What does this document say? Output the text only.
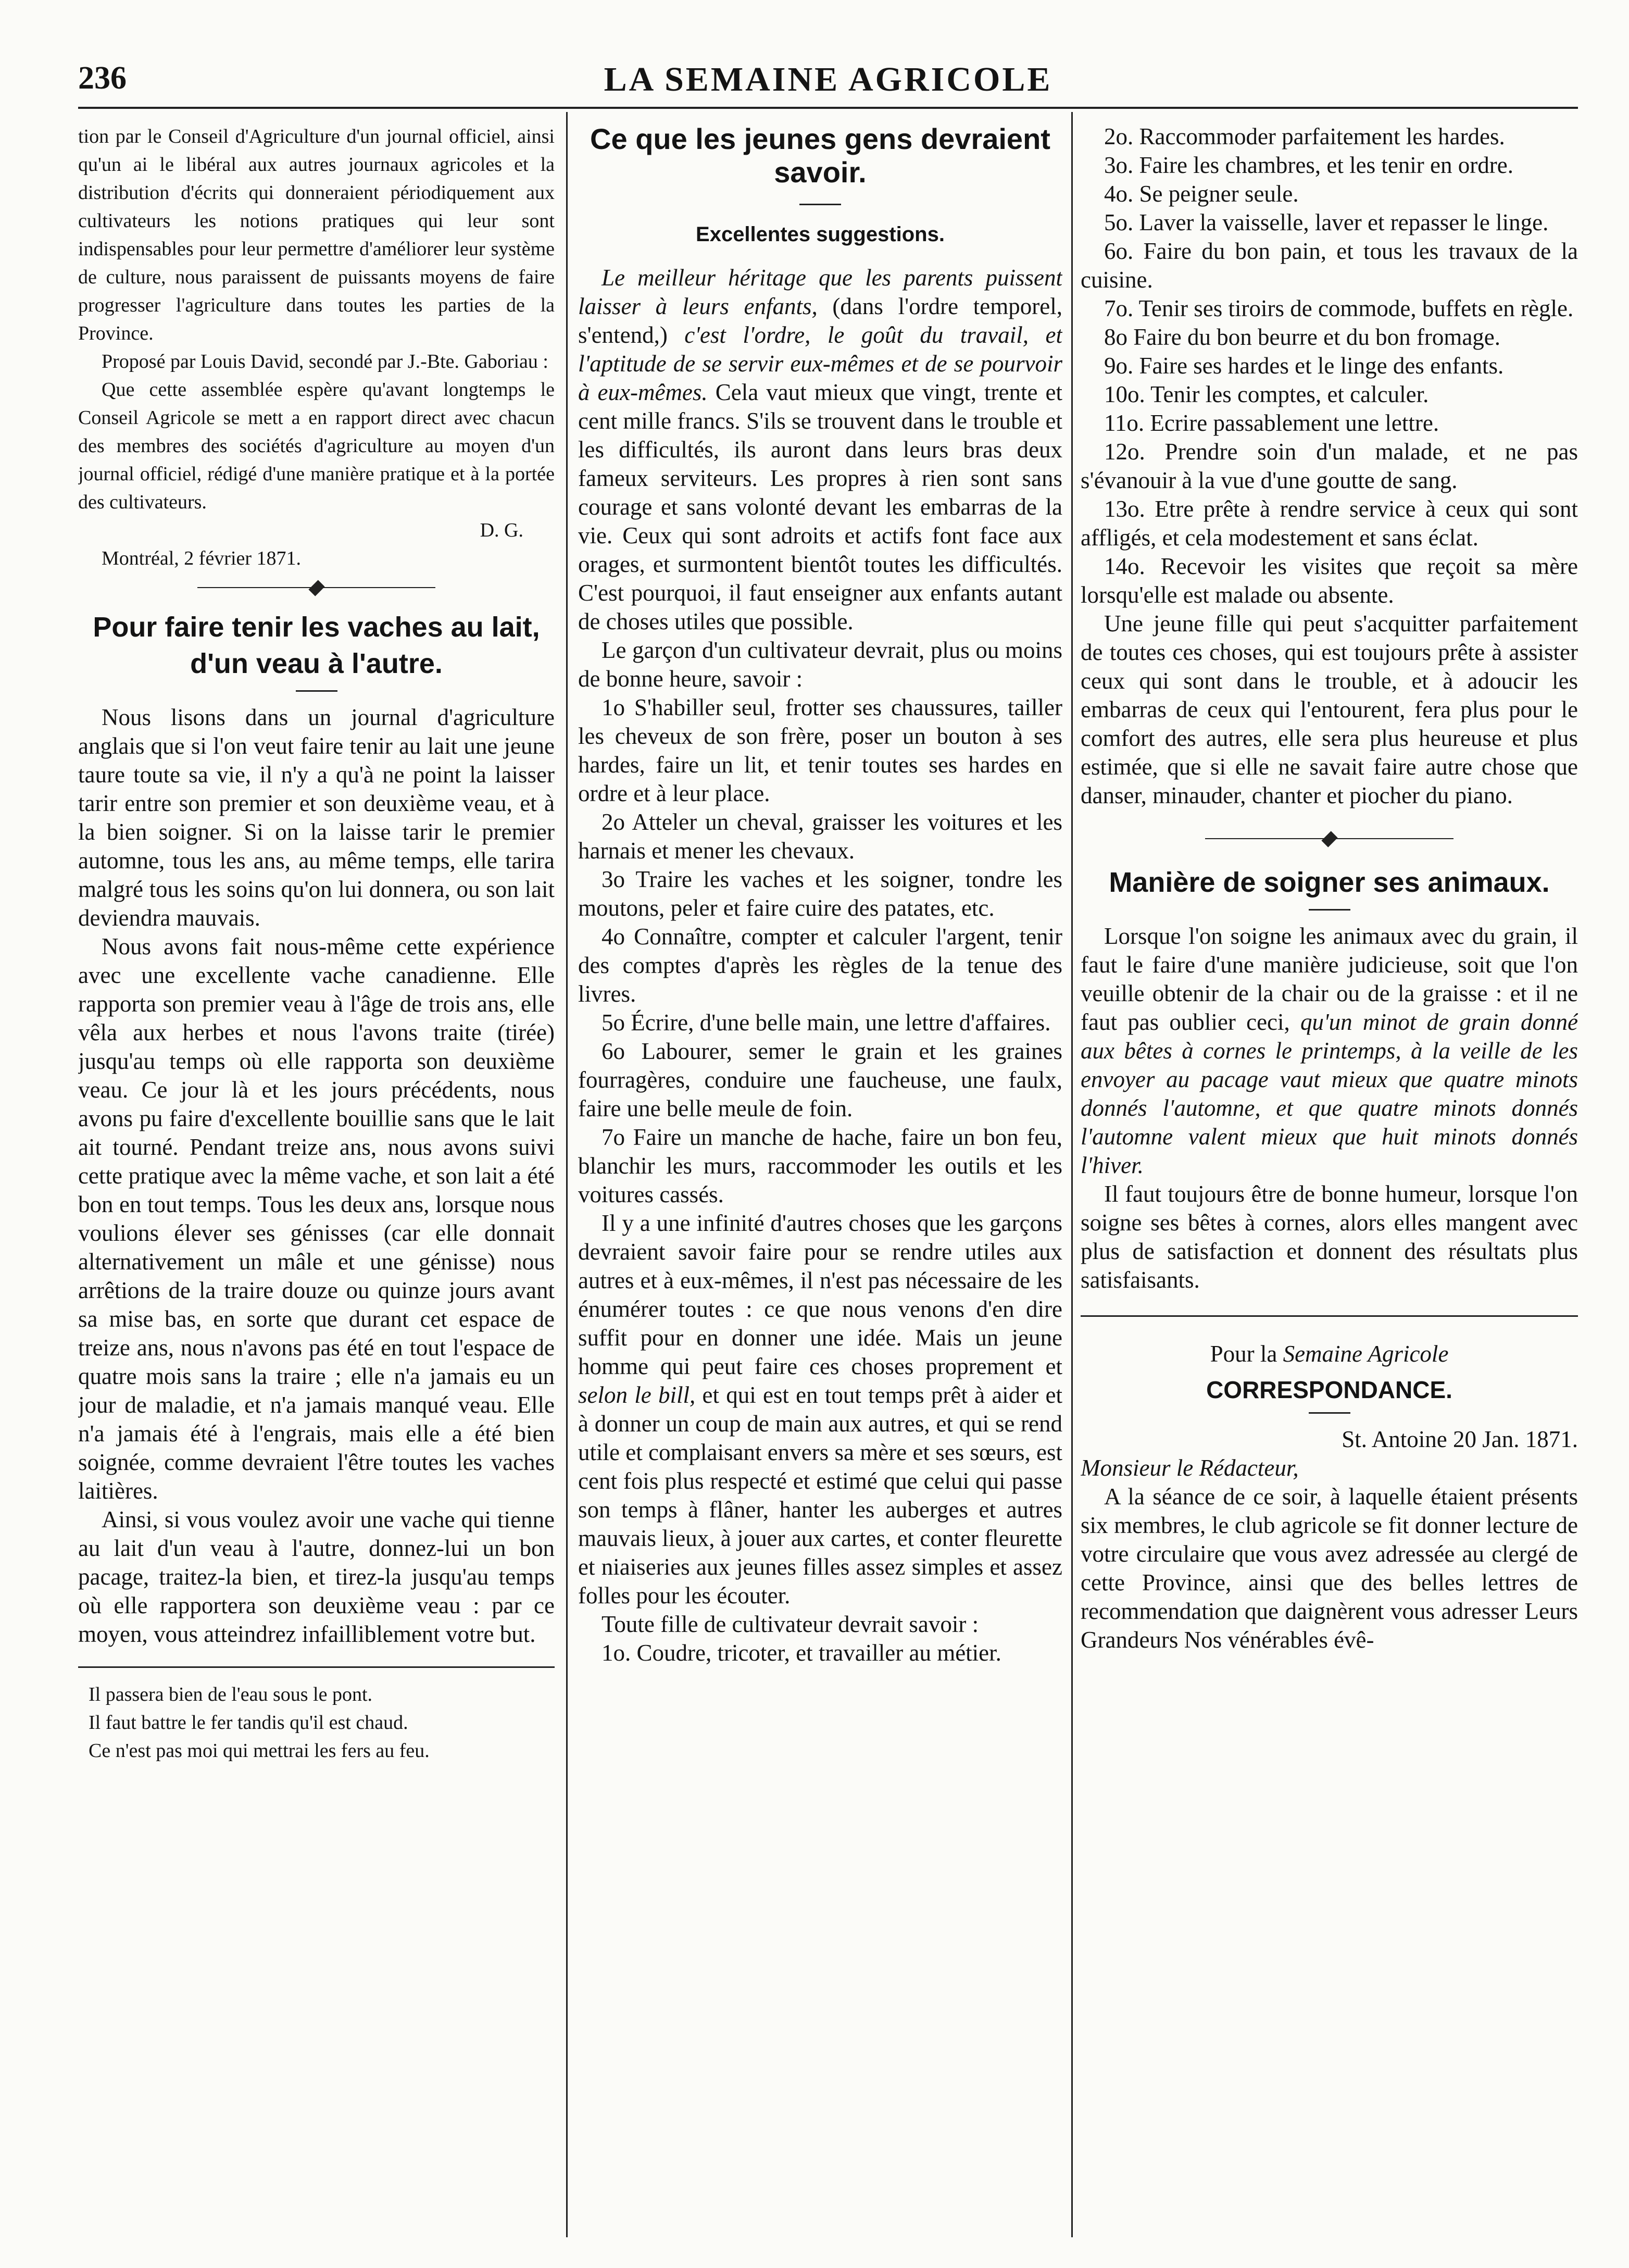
236	LA SEMAINE AGRICOLE

tion par le Conseil d'Agriculture d'un journal officiel, ainsi qu'un ai le libéral aux autres journaux agricoles et la distribution d'écrits qui donneraient périodiquement aux cultivateurs les notions pratiques qui leur sont indispensables pour leur permettre d'améliorer leur système de culture, nous paraissent de puissants moyens de faire progresser l'agriculture dans toutes les parties de la Province.

Proposé par Louis David, secondé par J.-Bte. Gaborіau :

Que cette assemblée espère qu'avant longtemps le Conseil Agricole se mett a en rapport direct avec chacun des membres des sociétés d'agriculture au moyen d'un journal officiel, rédigé d'une manière pratique et à la portée des cultivateurs.

D. G.

Montréal, 2 février 1871.

Pour faire tenir les vaches au lait, d'un veau à l'autre.

Nous lisons dans un journal d'agriculture anglais que si l'on veut faire tenir au lait une jeune taure toute sa vie, il n'y a qu'à ne point la laisser tarir entre son premier et son deuxième veau, et à la bien soigner. Si on la laisse tarir le premier automne, tous les ans, au même temps, elle tarira malgré tous les soins qu'on lui donnera, ou son lait deviendra mauvais.

Nous avons fait nous-même cette expérience avec une excellente vache canadienne. Elle rapporta son premier veau à l'âge de trois ans, elle vêla aux herbes et nous l'avons traite (tirée) jusqu'au temps où elle rapporta son deuxième veau. Ce jour là et les jours précédents, nous avons pu faire d'excellente bouillie sans que le lait ait tourné. Pendant treize ans, nous avons suivi cette pratique avec la même vache, et son lait a été bon en tout temps. Tous les deux ans, lorsque nous voulions élever ses génisses (car elle donnait alternativement un mâle et une génisse) nous arrêtions de la traire douze ou quinze jours avant sa mise bas, en sorte que durant cet espace de treize ans, nous n'avons pas été en tout l'espace de quatre mois sans la traire ; elle n'a jamais eu un jour de maladie, et n'a jamais manqué veau. Elle n'a jamais été à l'engrais, mais elle a été bien soignée, comme devraient l'être toutes les vaches laitières.

Ainsi, si vous voulez avoir une vache qui tienne au lait d'un veau à l'autre, donnez-lui un bon pacage, traitez-la bien, et tirez-la jusqu'au temps où elle rapportera son deuxième veau : par ce moyen, vous atteindrez infailliblement votre but.

Il passera bien de l'eau sous le pont.

Il faut battre le fer tandis qu'il est chaud.

Ce n'est pas moi qui mettrai les fers au feu.

Ce que les jeunes gens devraient savoir.
Excellentes suggestions.

Le meilleur héritage que les parents puissent laisser à leurs enfants, (dans l'ordre temporel, s'entend,) c'est l'ordre, le goût du travail, et l'aptitude de se servir eux-mêmes et de se pourvoir à eux-mêmes. Cela vaut mieux que vingt, trente et cent mille francs. S'ils se trouvent dans le trouble et les difficultés, ils auront dans leurs bras deux fameux serviteurs. Les propres à rien sont sans courage et sans volonté devant les embarras de la vie. Ceux qui sont adroits et actifs font face aux orages, et surmontent bientôt toutes les difficultés. C'est pourquoi, il faut enseigner aux enfants autant de choses utiles que possible.

Le garçon d'un cultivateur devrait, plus ou moins de bonne heure, savoir :

1o S'habiller seul, frotter ses chaussures, tailler les cheveux de son frère, poser un bouton à ses hardes, faire un lit, et tenir toutes ses hardes en ordre et à leur place.

2o Atteler un cheval, graisser les voitures et les harnais et mener les chevaux.

3o Traire les vaches et les soigner, tondre les moutons, peler et faire cuire des patates, etc.

4o Connaître, compter et calculer l'argent, tenir des comptes d'après les règles de la tenue des livres.

5o Écrire, d'une belle main, une lettre d'affaires.

6o Labourer, semer le grain et les graines fourragères, conduire une faucheuse, une faulx, faire une belle meule de foin.

7o Faire un manche de hache, faire un bon feu, blanchir les murs, raccommoder les outils et les voitures cassés.

Il y a une infinité d'autres choses que les garçons devraient savoir faire pour se rendre utiles aux autres et à eux-mêmes, il n'est pas nécessaire de les énumérer toutes : ce que nous venons d'en dire suffit pour en donner une idée. Mais un jeune homme qui peut faire ces choses proprement et selon le bill, et qui est en tout temps prêt à aider et à donner un coup de main aux autres, et qui se rend utile et complaisant envers sa mère et ses sœurs, est cent fois plus respecté et estimé que celui qui passe son temps à flâner, hanter les auberges et autres mauvais lieux, à jouer aux cartes, et conter fleurette et niaiseries aux jeunes filles assez simples et assez folles pour les écouter.

Toute fille de cultivateur devrait savoir :

1o. Coudre, tricoter, et travailler au métier.

2o. Raccommoder parfaitement les hardes.

3o. Faire les chambres, et les tenir en ordre.

4o. Se peigner seule.

5o. Laver la vaisselle, laver et repasser le linge.

6o. Faire du bon pain, et tous les travaux de la cuisine.

7o. Tenir ses tiroirs de commode, buffets en règle.

8o Faire du bon beurre et du bon fromage.

9o. Faire ses hardes et le linge des enfants.

10o. Tenir les comptes, et calculer.

11o. Ecrire passablement une lettre.

12o. Prendre soin d'un malade, et ne pas s'évanouir à la vue d'une goutte de sang.

13o. Etre prête à rendre service à ceux qui sont affligés, et cela modestement et sans éclat.

14o. Recevoir les visites que reçoit sa mère lorsqu'elle est malade ou absente.

Une jeune fille qui peut s'acquitter parfaitement de toutes ces choses, qui est toujours prête à assister ceux qui sont dans le trouble, et à adoucir les embarras de ceux qui l'entourent, fera plus pour le comfort des autres, elle sera plus heureuse et plus estimée, que si elle ne savait faire autre chose que danser, minauder, chanter et piocher du piano.

Manière de soigner ses animaux.

Lorsque l'on soigne les animaux avec du grain, il faut le faire d'une manière judicieuse, soit que l'on veuille obtenir de la chair ou de la graisse : et il ne faut pas oublier ceci, qu'un minot de grain donné aux bêtes à cornes le printemps, à la veille de les envoyer au pacage vaut mieux que quatre minots donnés l'automne, et que quatre minots donnés l'automne valent mieux que huit minots donnés l'hiver.

Il faut toujours être de bonne humeur, lorsque l'on soigne ses bêtes à cornes, alors elles mangent avec plus de satisfaction et donnent des résultats plus satisfaisants.

Pour la Semaine Agricole

CORRESPONDANCE.

St. Antoine 20 Jan. 1871.

Monsieur le Rédacteur,

A la séance de ce soir, à laquelle étaient présents six membres, le club agricole se fit donner lecture de votre circulaire que vous avez adressée au clergé de cette Province, ainsi que des belles lettres de recommendation que daignèrent vous adresser Leurs Grandeurs Nos vénérables évê-
